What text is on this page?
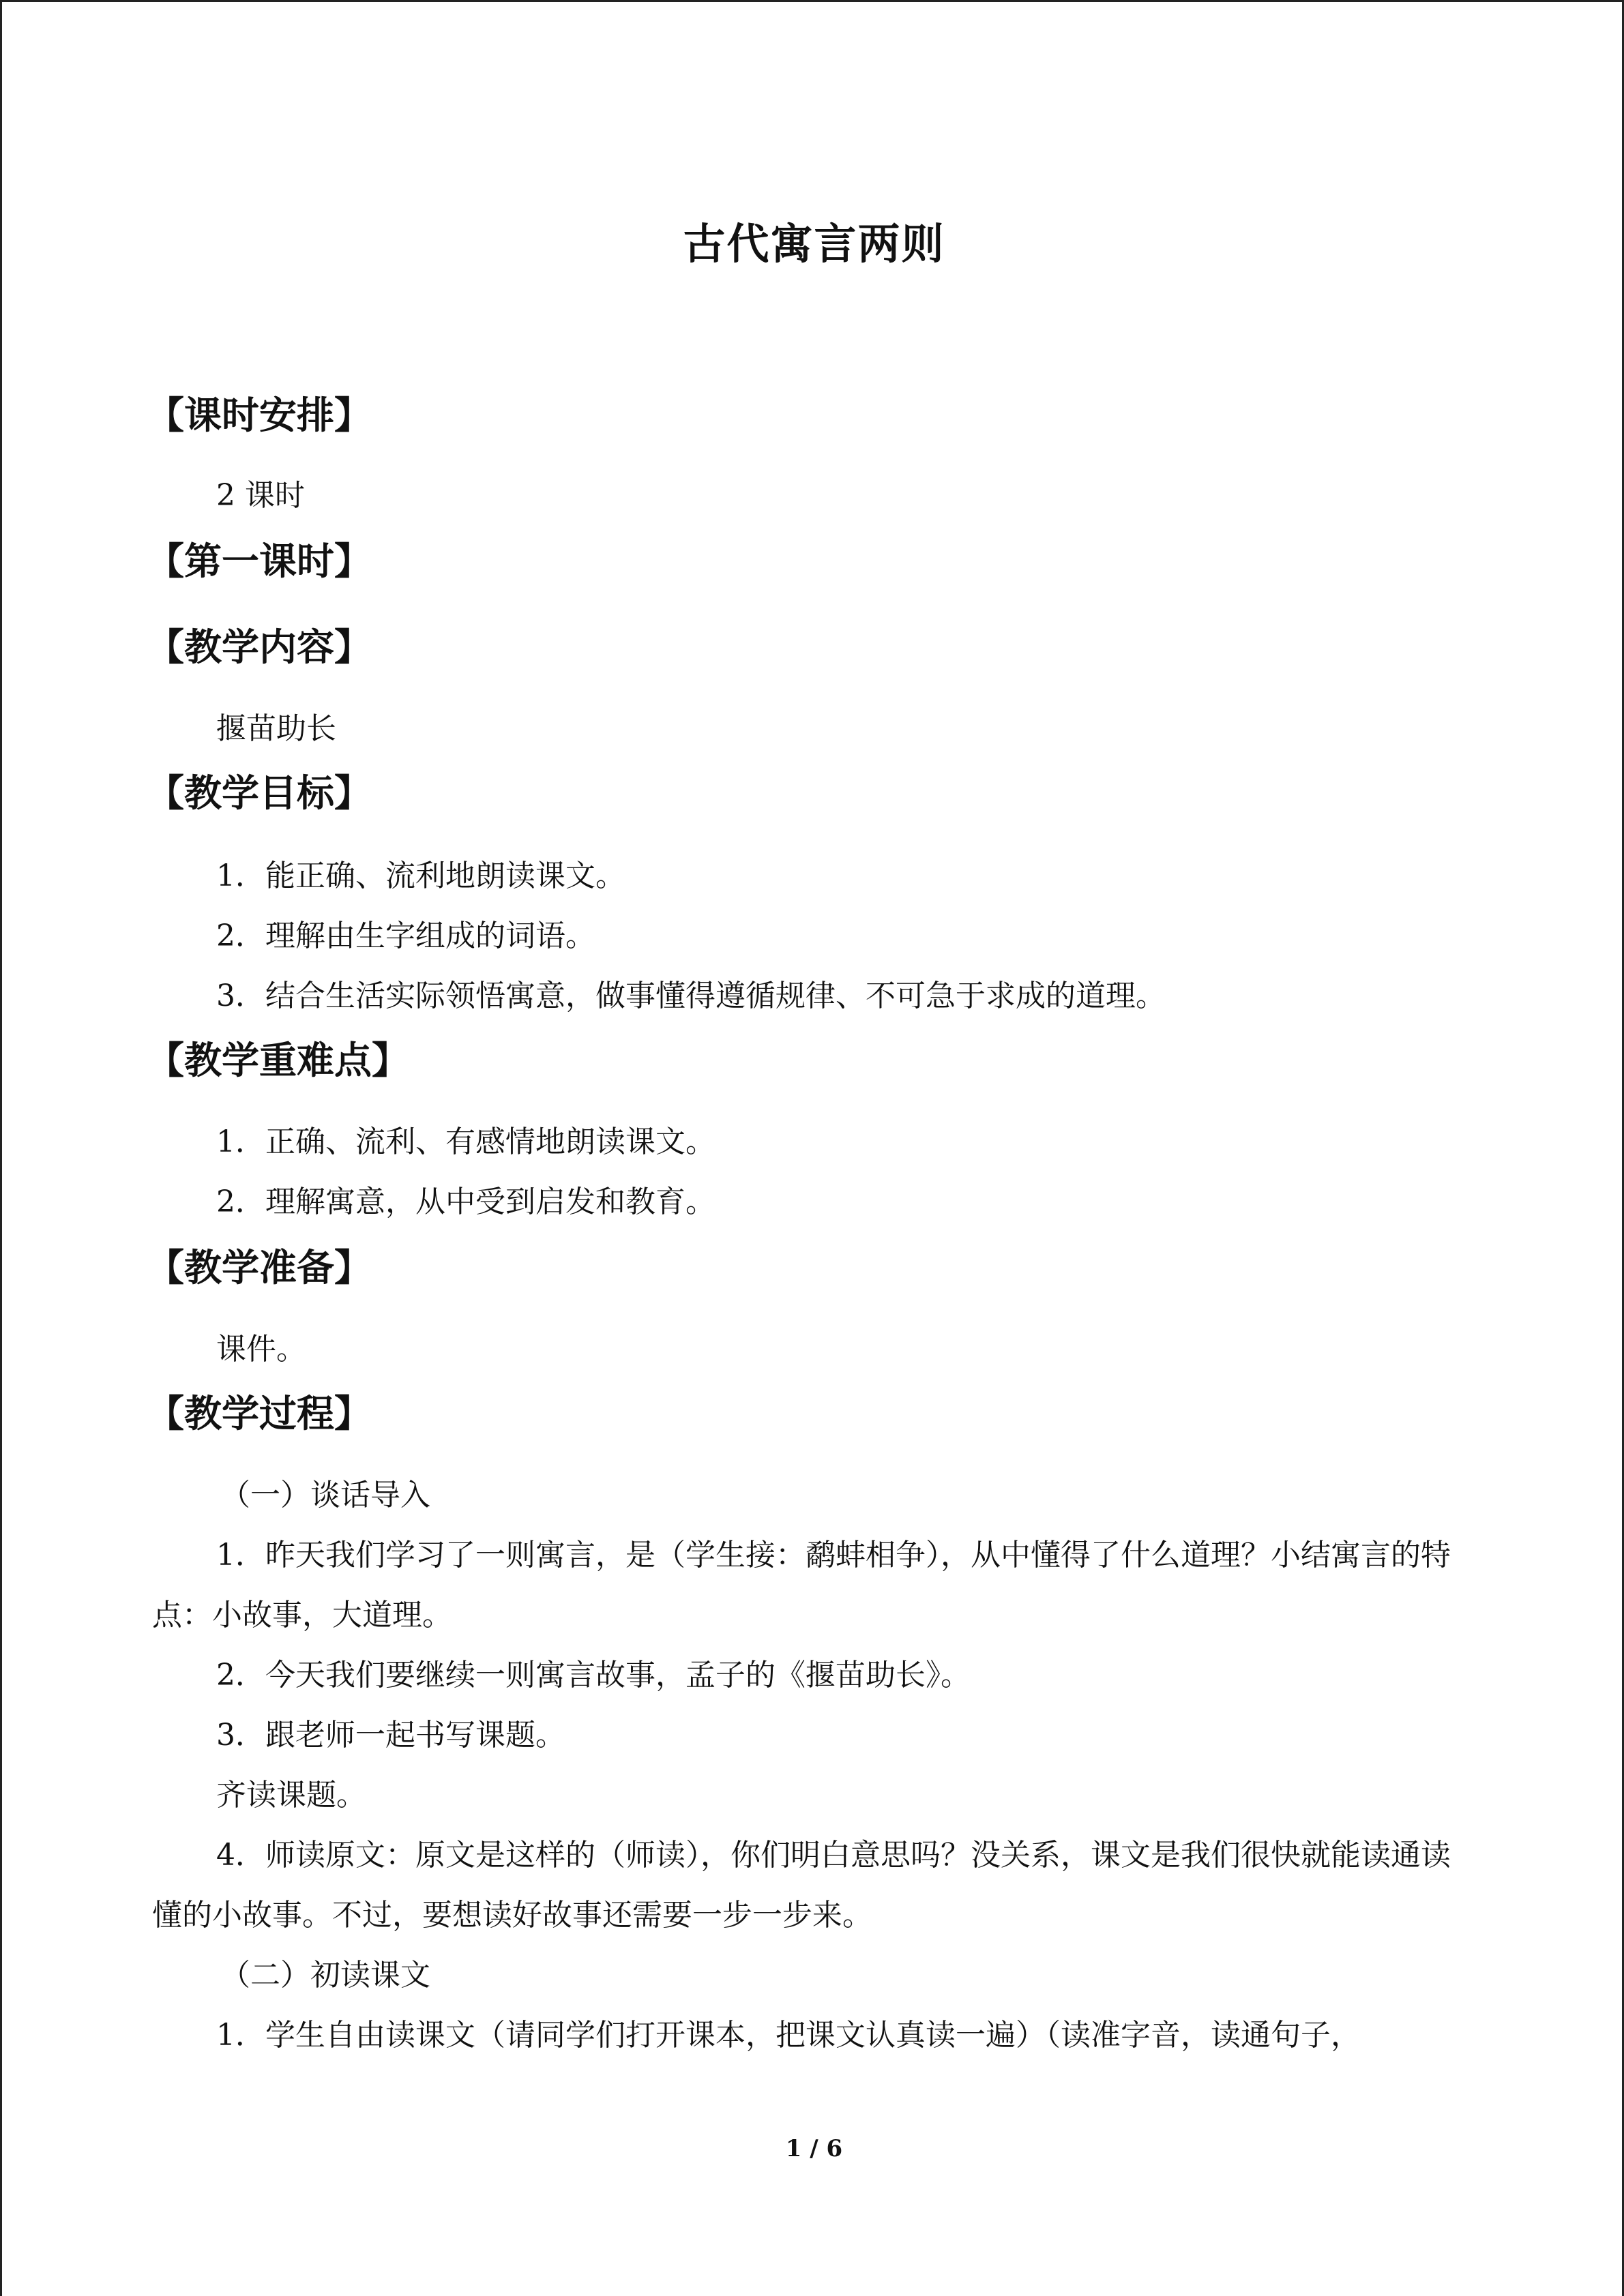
古代寓言两则
【课时安排】
2 课时
【第一课时】
【教学内容】
揠苗助长
【教学目标】
1．能正确、流利地朗读课文。
2．理解由生字组成的词语。
3．结合生活实际领悟寓意，做事懂得遵循规律、不可急于求成的道理。
【教学重难点】
1．正确、流利、有感情地朗读课文。
2．理解寓意，从中受到启发和教育。
【教学准备】
课件。
【教学过程】
（一）谈话导入
1．昨天我们学习了一则寓言，是（学生接：鹬蚌相争），从中懂得了什么道理？小结寓言的特点：小故事，大道理。
2．今天我们要继续一则寓言故事，孟子的《揠苗助长》。
3．跟老师一起书写课题。
齐读课题。
4．师读原文：原文是这样的（师读），你们明白意思吗？没关系，课文是我们很快就能读通读懂的小故事。不过，要想读好故事还需要一步一步来。
（二）初读课文
1．学生自由读课文（请同学们打开课本，把课文认真读一遍）（读准字音，读通句子，
1 / 6
